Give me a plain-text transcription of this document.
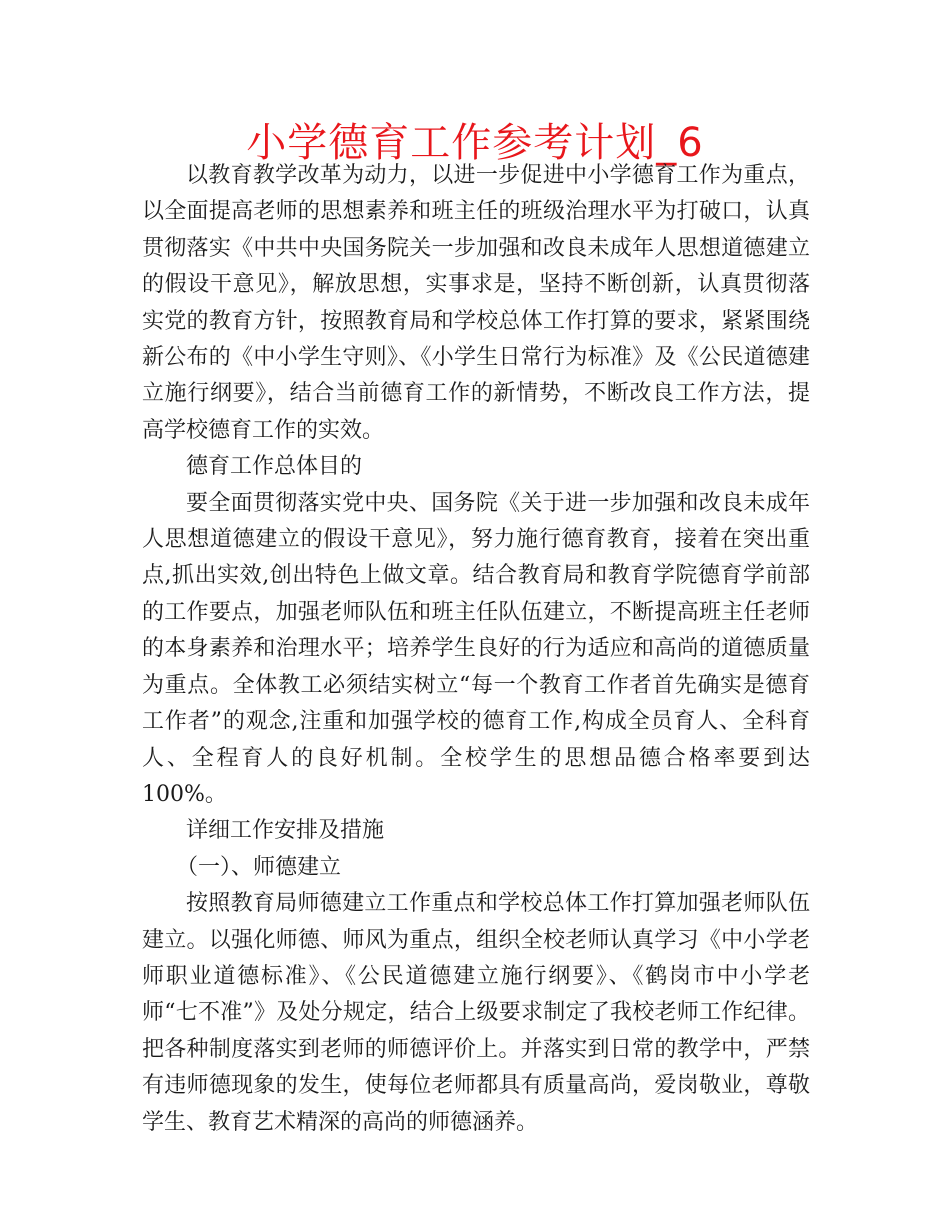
小学德育工作参考计划_6

以教育教学改革为动力，以进一步促进中小学德育工作为重点，以全面提高老师的思想素养和班主任的班级治理水平为打破口，认真贯彻落实《中共中央国务院关一步加强和改良未成年人思想道德建立的假设干意见》，解放思想，实事求是，坚持不断创新，认真贯彻落实党的教育方针，按照教育局和学校总体工作打算的要求，紧紧围绕新公布的《中小学生守则》、《小学生日常行为标准》及《公民道德建立施行纲要》，结合当前德育工作的新情势，不断改良工作方法，提高学校德育工作的实效。

德育工作总体目的

要全面贯彻落实党中央、国务院《关于进一步加强和改良未成年人思想道德建立的假设干意见》，努力施行德育教育，接着在突出重点,抓出实效,创出特色上做文章。结合教育局和教育学院德育学前部的工作要点，加强老师队伍和班主任队伍建立，不断提高班主任老师的本身素养和治理水平；培养学生良好的行为适应和高尚的道德质量为重点。全体教工必须结实树立“每一个教育工作者首先确实是德育工作者”的观念,注重和加强学校的德育工作,构成全员育人、全科育人、全程育人的良好机制。全校学生的思想品德合格率要到达100%。

详细工作安排及措施

（一）、师德建立

按照教育局师德建立工作重点和学校总体工作打算加强老师队伍建立。以强化师德、师风为重点，组织全校老师认真学习《中小学老师职业道德标准》、《公民道德建立施行纲要》、《鹤岗市中小学老师“七不准”》及处分规定，结合上级要求制定了我校老师工作纪律。把各种制度落实到老师的师德评价上。并落实到日常的教学中，严禁有违师德现象的发生，使每位老师都具有质量高尚，爱岗敬业，尊敬学生、教育艺术精深的高尚的师德涵养。
